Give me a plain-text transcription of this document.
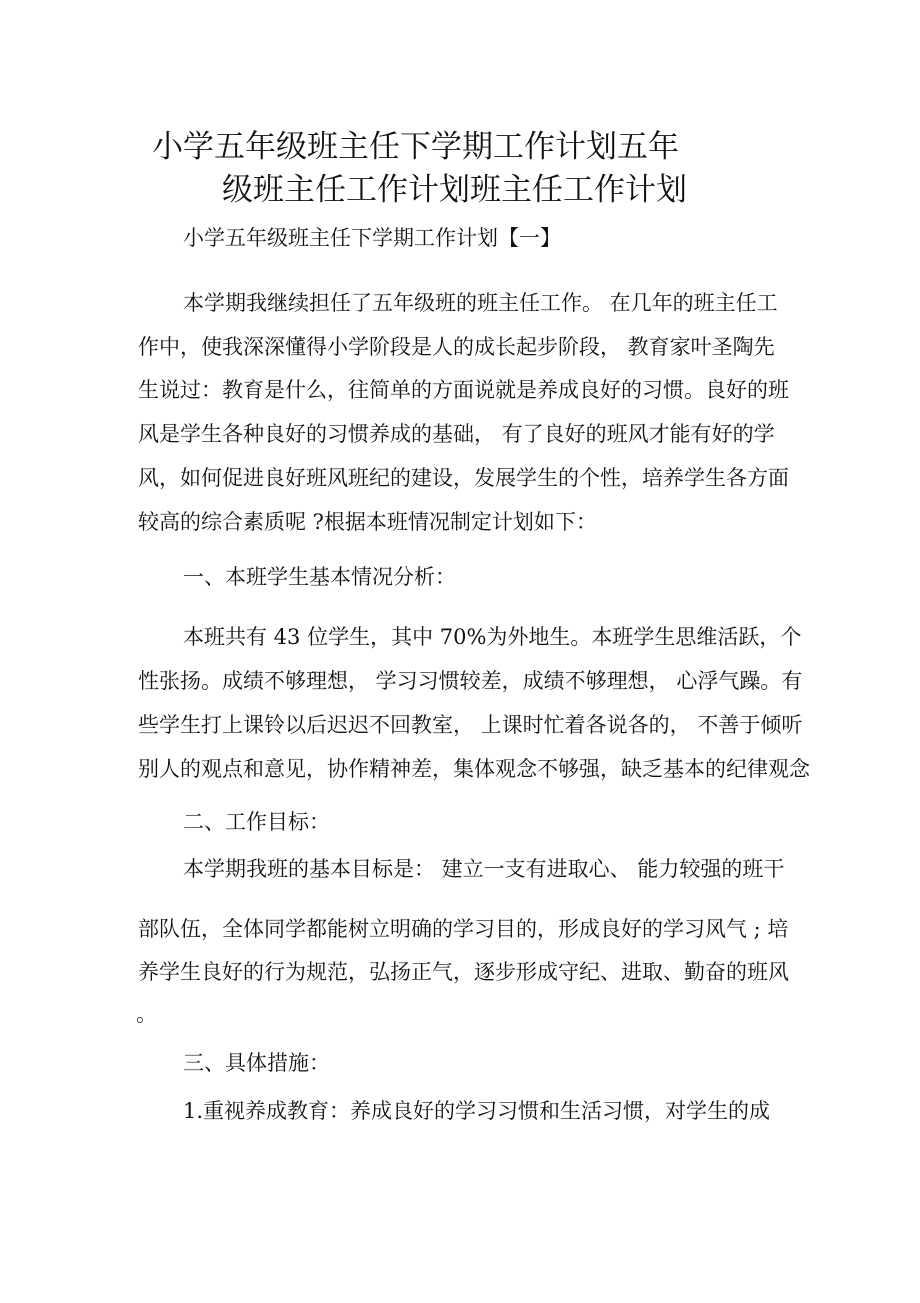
小学五年级班主任下学期工作计划五年
级班主任工作计划班主任工作计划
小学五年级班主任下学期工作计划【一】
本学期我继续担任了五年级班的班主任工作。 在几年的班主任工
作中，使我深深懂得小学阶段是人的成长起步阶段， 教育家叶圣陶先
生说过：教育是什么，往简单的方面说就是养成良好的习惯。良好的班
风是学生各种良好的习惯养成的基础， 有了良好的班风才能有好的学
风，如何促进良好班风班纪的建设，发展学生的个性，培养学生各方面
较高的综合素质呢 ?根据本班情况制定计划如下：
一、本班学生基本情况分析：
本班共有 43 位学生，其中 70%为外地生。本班学生思维活跃，个
性张扬。成绩不够理想， 学习习惯较差，成绩不够理想， 心浮气躁。有
些学生打上课铃以后迟迟不回教室， 上课时忙着各说各的， 不善于倾听
别人的观点和意见，协作精神差，集体观念不够强，缺乏基本的纪律观念
二、工作目标：
本学期我班的基本目标是： 建立一支有进取心、 能力较强的班干
部队伍，全体同学都能树立明确的学习目的，形成良好的学习风气 ; 培
养学生良好的行为规范，弘扬正气，逐步形成守纪、进取、勤奋的班风
。
三、具体措施：
1.重视养成教育：养成良好的学习习惯和生活习惯，对学生的成
